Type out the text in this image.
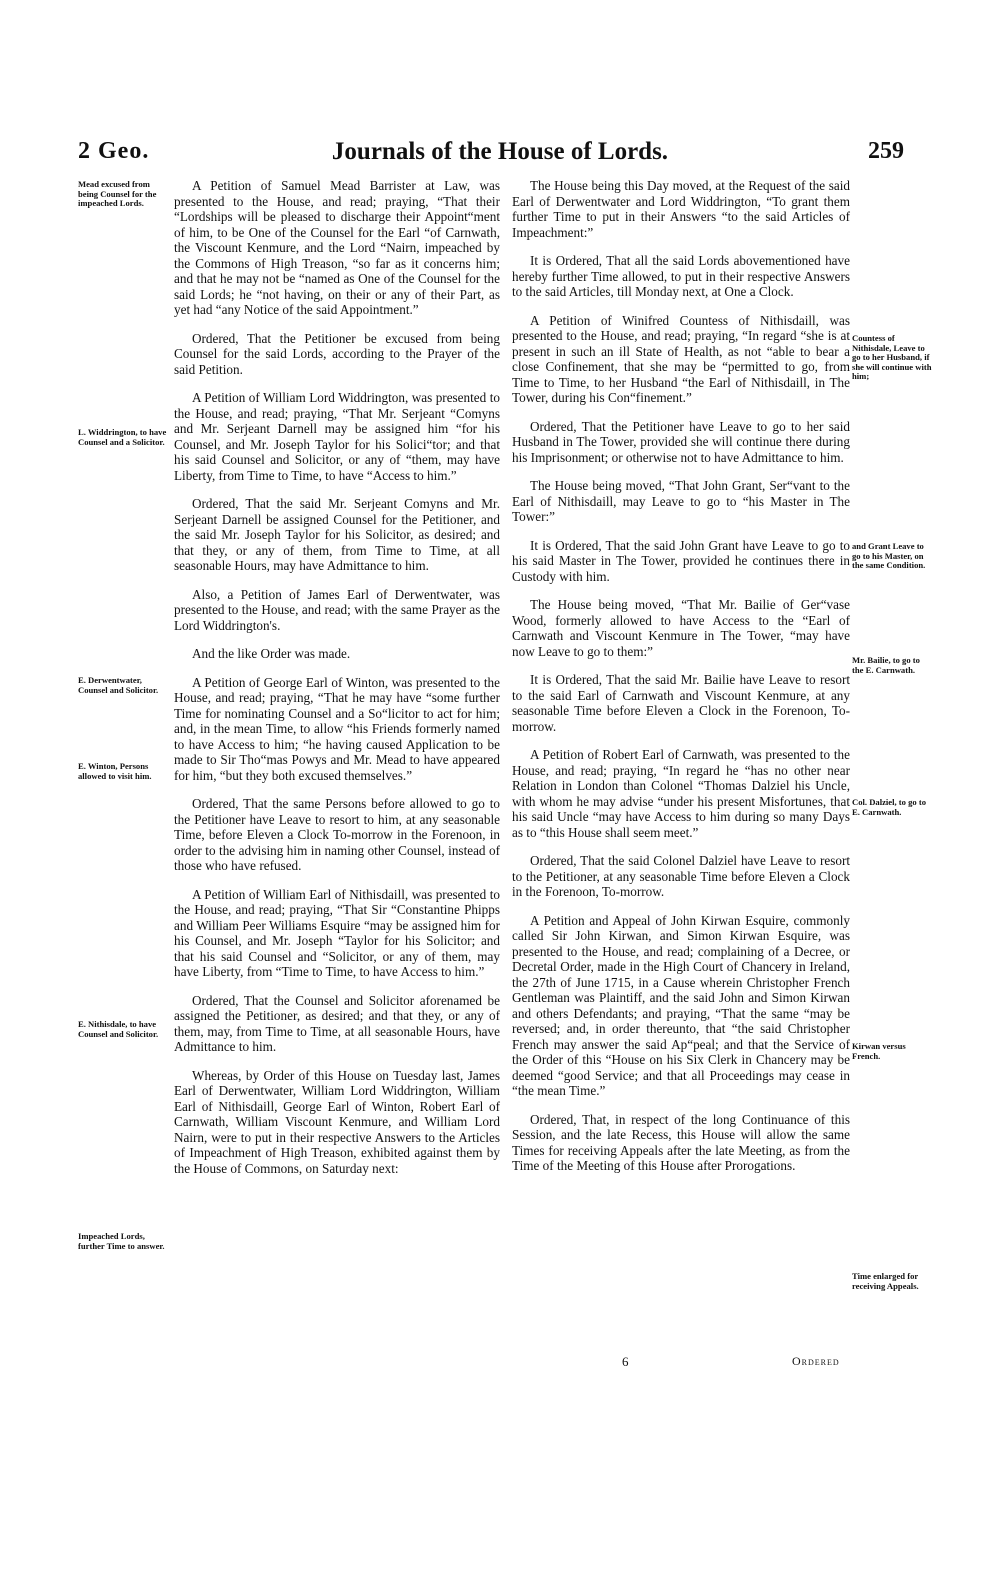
2 Geo.	Journals of the House of Lords.	259
Mead excused from being Counsel for the impeached Lords.
L. Widdrington, to have Counsel and a Solicitor.
E. Derwentwater, Counsel and Solicitor.
E. Winton, Persons allowed to visit him.
E. Nithisdale, to have Counsel and Solicitor.
Impeached Lords, further Time to answer.
Countess of Nithisdale, Leave to go to her Husband, if she will continue with him;
and Grant Leave to go to his Master, on the same Condition.
Mr. Bailie, to go to the E. Carnwath.
Col. Dalziel, to go to E. Carnwath.
Kirwan versus French.
Time enlarged for receiving Appeals.

A Petition of Samuel Mead Barrister at Law, was presented to the House, and read; praying, “That their “Lordships will be pleased to discharge their Appoint“ment of him, to be One of the Counsel for the Earl “of Carnwath, the Viscount Kenmure, and the Lord “Nairn, impeached by the Commons of High Treason, “so far as it concerns him; and that he may not be “named as One of the Counsel for the said Lords; he “not having, on their or any of their Part, as yet had “any Notice of the said Appointment.”

Ordered, That the Petitioner be excused from being Counsel for the said Lords, according to the Prayer of the said Petition.

A Petition of William Lord Widdrington, was presented to the House, and read; praying, “That Mr. Serjeant “Comyns and Mr. Serjeant Darnell may be assigned him “for his Counsel, and Mr. Joseph Taylor for his Solici“tor; and that his said Counsel and Solicitor, or any of “them, may have Liberty, from Time to Time, to have “Access to him.”

Ordered, That the said Mr. Serjeant Comyns and Mr. Serjeant Darnell be assigned Counsel for the Petitioner, and the said Mr. Joseph Taylor for his Solicitor, as desired; and that they, or any of them, from Time to Time, at all seasonable Hours, may have Admittance to him.

Also, a Petition of James Earl of Derwentwater, was presented to the House, and read; with the same Prayer as the Lord Widdrington's.

And the like Order was made.

A Petition of George Earl of Winton, was presented to the House, and read; praying, “That he may have “some further Time for nominating Counsel and a So“licitor to act for him; and, in the mean Time, to allow “his Friends formerly named to have Access to him; “he having caused Application to be made to Sir Tho“mas Powys and Mr. Mead to have appeared for him, “but they both excused themselves.”

Ordered, That the same Persons before allowed to go to the Petitioner have Leave to resort to him, at any seasonable Time, before Eleven a Clock To-morrow in the Forenoon, in order to the advising him in naming other Counsel, instead of those who have refused.

A Petition of William Earl of Nithisdaill, was presented to the House, and read; praying, “That Sir “Constantine Phipps and William Peer Williams Esquire “may be assigned him for his Counsel, and Mr. Joseph “Taylor for his Solicitor; and that his said Counsel and “Solicitor, or any of them, may have Liberty, from “Time to Time, to have Access to him.”

Ordered, That the Counsel and Solicitor aforenamed be assigned the Petitioner, as desired; and that they, or any of them, may, from Time to Time, at all seasonable Hours, have Admittance to him.

Whereas, by Order of this House on Tuesday last, James Earl of Derwentwater, William Lord Widdrington, William Earl of Nithisdaill, George Earl of Winton, Robert Earl of Carnwath, William Viscount Kenmure, and William Lord Nairn, were to put in their respective Answers to the Articles of Impeachment of High Treason, exhibited against them by the House of Commons, on Saturday next:

The House being this Day moved, at the Request of the said Earl of Derwentwater and Lord Widdrington, “To grant them further Time to put in their Answers “to the said Articles of Impeachment:”

It is Ordered, That all the said Lords abovementioned have hereby further Time allowed, to put in their respective Answers to the said Articles, till Monday next, at One a Clock.

A Petition of Winifred Countess of Nithisdaill, was presented to the House, and read; praying, “In regard “she is at present in such an ill State of Health, as not “able to bear a close Confinement, that she may be “permitted to go, from Time to Time, to her Husband “the Earl of Nithisdaill, in The Tower, during his Con“finement.”

Ordered, That the Petitioner have Leave to go to her said Husband in The Tower, provided she will continue there during his Imprisonment; or otherwise not to have Admittance to him.

The House being moved, “That John Grant, Ser“vant to the Earl of Nithisdaill, may Leave to go to “his Master in The Tower:”

It is Ordered, That the said John Grant have Leave to go to his said Master in The Tower, provided he continues there in Custody with him.

The House being moved, “That Mr. Bailie of Ger“vase Wood, formerly allowed to have Access to the “Earl of Carnwath and Viscount Kenmure in The Tower, “may have now Leave to go to them:”

It is Ordered, That the said Mr. Bailie have Leave to resort to the said Earl of Carnwath and Viscount Kenmure, at any seasonable Time before Eleven a Clock in the Forenoon, To-morrow.

A Petition of Robert Earl of Carnwath, was presented to the House, and read; praying, “In regard he “has no other near Relation in London than Colonel “Thomas Dalziel his Uncle, with whom he may advise “under his present Misfortunes, that his said Uncle “may have Access to him during so many Days as to “this House shall seem meet.”

Ordered, That the said Colonel Dalziel have Leave to resort to the Petitioner, at any seasonable Time before Eleven a Clock in the Forenoon, To-morrow.

A Petition and Appeal of John Kirwan Esquire, commonly called Sir John Kirwan, and Simon Kirwan Esquire, was presented to the House, and read; complaining of a Decree, or Decretal Order, made in the High Court of Chancery in Ireland, the 27th of June 1715, in a Cause wherein Christopher French Gentleman was Plaintiff, and the said John and Simon Kirwan and others Defendants; and praying, “That the same “may be reversed; and, in order thereunto, that “the said Christopher French may answer the said Ap“peal; and that the Service of the Order of this “House on his Six Clerk in Chancery may be deemed “good Service; and that all Proceedings may cease in “the mean Time.”

Ordered, That, in respect of the long Continuance of this Session, and the late Recess, this House will allow the same Times for receiving Appeals after the late Meeting, as from the Time of the Meeting of this House after Prorogations.

6	Ordered
